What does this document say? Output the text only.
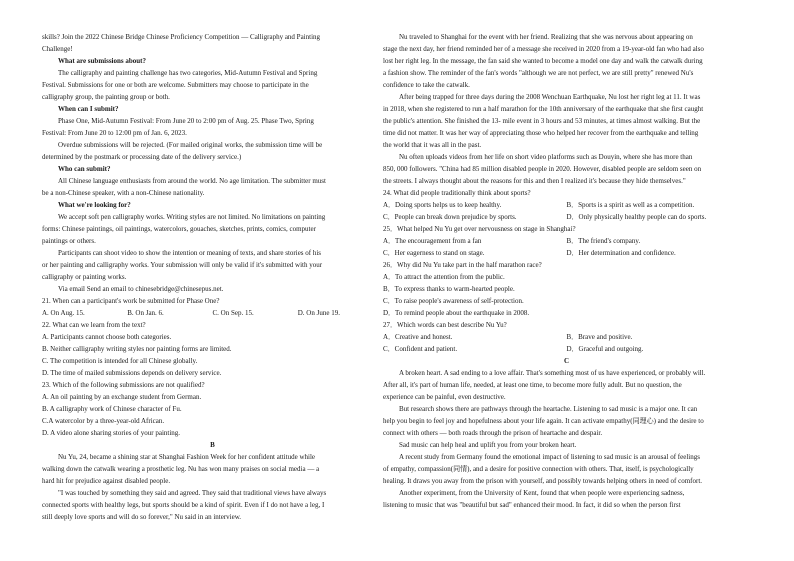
skills? Join the 2022 Chinese Bridge Chinese Proficiency Competition — Calligraphy and Painting
Challenge!
What are submissions about?
The calligraphy and painting challenge has two categories, Mid-Autumn Festival and Spring
Festival. Submissions for one or both are welcome. Submitters may choose to participate in the
calligraphy group, the painting group or both.
When can I submit?
Phase One, Mid-Autumn Festival: From June 20 to 2:00 pm of Aug. 25. Phase Two, Spring
Festival: From June 20 to 12:00 pm of Jan. 6, 2023.
Overdue submissions will be rejected. (For mailed original works, the submission time will be
determined by the postmark or processing date of the delivery service.)
Who can submit?
All Chinese language enthusiasts from around the world. No age limitation. The submitter must
be a non-Chinese speaker, with a non-Chinese nationality.
What we're looking for?
We accept soft pen calligraphy works. Writing styles are not limited. No limitations on painting
forms: Chinese paintings, oil paintings, watercolors, gouaches, sketches, prints, comics, computer
paintings or others.
Participants can shoot video to show the intention or meaning of texts, and share stories of his
or her painting and calligraphy works. Your submission will only be valid if it's submitted with your
calligraphy or painting works.
Via email Send an email to chinesebridge@chinesepus.net.
21. When can a participant's work be submitted for Phase One?
A. On Aug. 15.	B. On Jan. 6.	C. On Sep. 15.	D. On June 19.
22. What can we learn from the text?
A. Participants cannot choose both categories.
B. Neither calligraphy writing styles nor painting forms are limited.
C. The competition is intended for all Chinese globally.
D. The time of mailed submissions depends on delivery service.
23. Which of the following submissions are not qualified?
A. An oil painting by an exchange student from German.
B. A calligraphy work of Chinese character of Fu.
C.A watercolor by a three-year-old African.
D. A video alone sharing stories of your painting.
B
Nu Yu, 24, became a shining star at Shanghai Fashion Week for her confident attitude while
walking down the catwalk wearing a prosthetic leg. Nu has won many praises on social media — a
hard hit for prejudice against disabled people.
"I was touched by something they said and agreed. They said that traditional views have always
connected sports with healthy legs, but sports should be a kind of spirit. Even if I do not have a leg, I
still deeply love sports and will do so forever," Nu said in an interview.
Nu traveled to Shanghai for the event with her friend. Realizing that she was nervous about appearing on
stage the next day, her friend reminded her of a message she received in 2020 from a 19-year-old fan who had also
lost her right leg. In the message, the fan said she wanted to become a model one day and walk the catwalk during
a fashion show. The reminder of the fan's words "although we are not perfect, we are still pretty" renewed Nu's
confidence to take the catwalk.
After being trapped for three days during the 2008 Wenchuan Earthquake, Nu lost her right leg at 11. It was
in 2018, when she registered to run a half marathon for the 10th anniversary of the earthquake that she first caught
the public's attention. She finished the 13- mile event in 3 hours and 53 minutes, at times almost walking. But the
time did not matter. It was her way of appreciating those who helped her recover from the earthquake and telling
the world that it was all in the past.
Nu often uploads videos from her life on short video platforms such as Douyin, where she has more than
850, 000 followers. "China had 85 million disabled people in 2020. However, disabled people are seldom seen on
the streets. I always thought about the reasons for this and then I realized it's because they hide themselves."
24. What did people traditionally think about sports?
A．Doing sports helps us to keep healthy.	B．Sports is a spirit as well as a competition.
C．People can break down prejudice by sports.	D．Only physically healthy people can do sports.
25．What helped Nu Yu get over nervousness on stage in Shanghai?
A．The encouragement from a fan	B．The friend's company.
C．Her eagerness to stand on stage.	D．Her determination and confidence.
26．Why did Nu Yu take part in the half marathon race?
A．To attract the attention from the public.
B．To express thanks to warm-hearted people.
C．To raise people's awareness of self-protection.
D．To remind people about the earthquake in 2008.
27．Which words can best describe Nu Yu?
A．Creative and honest.	B．Brave and positive.
C．Confident and patient.	D．Graceful and outgoing.
C
A broken heart. A sad ending to a love affair. That's something most of us have experienced, or probably will.
After all, it's part of human life, needed, at least one time, to become more fully adult. But no question, the
experience can be painful, even destructive.
But research shows there are pathways through the heartache. Listening to sad music is a major one. It can
help you begin to feel joy and hopefulness about your life again. It can activate empathy(同理心) and the desire to
connect with others — both roads through the prison of heartache and despair.
Sad music can help heal and uplift you from your broken heart.
A recent study from Germany found the emotional impact of listening to sad music is an arousal of feelings
of empathy, compassion(同情), and a desire for positive connection with others. That, itself, is psychologically
healing. It draws you away from the prison with yourself, and possibly towards helping others in need of comfort.
Another experiment, from the University of Kent, found that when people were experiencing sadness,
listening to music that was "beautiful but sad" enhanced their mood. In fact, it did so when the person first
